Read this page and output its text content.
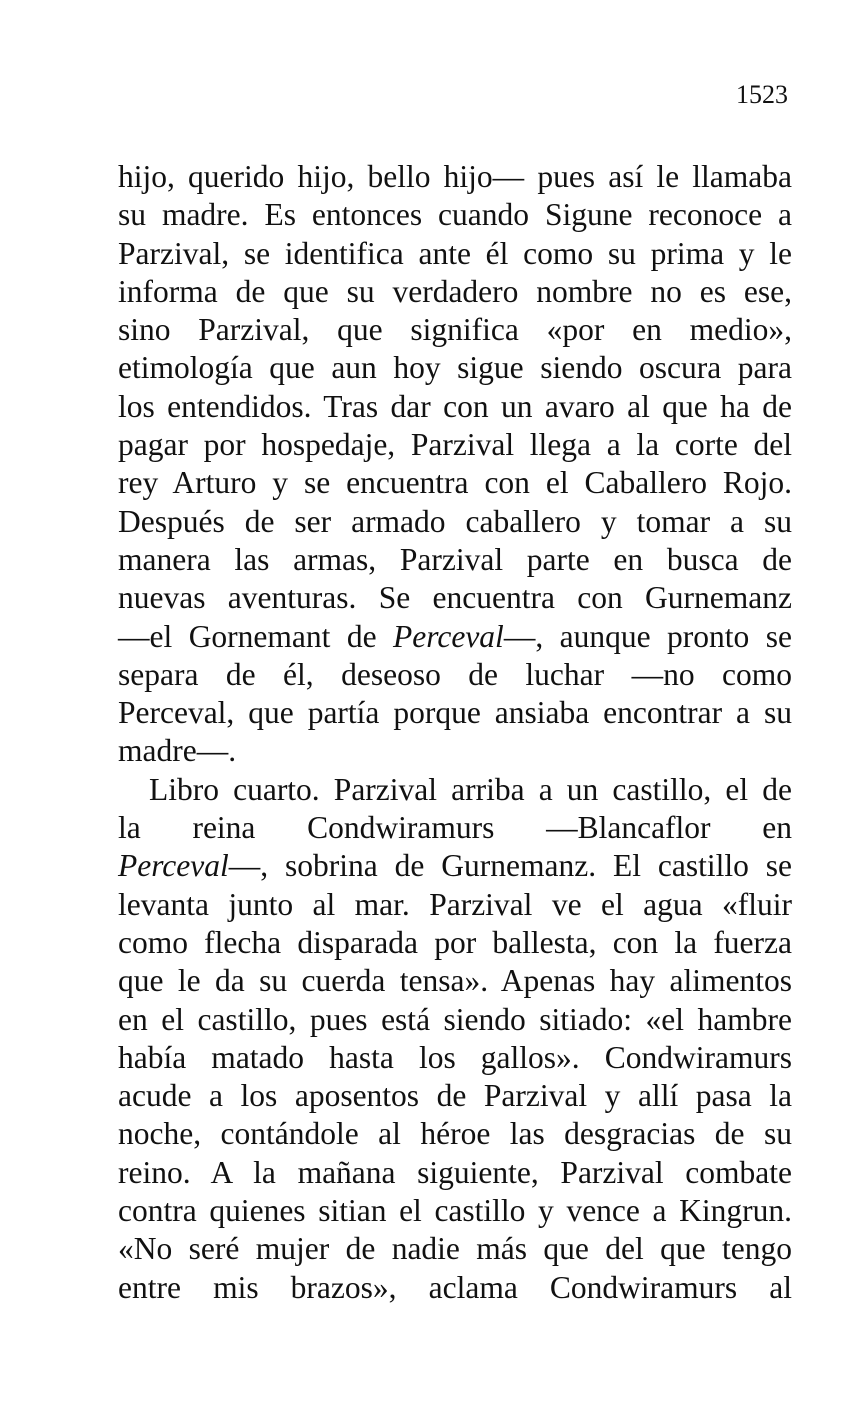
1523
hijo, querido hijo, bello hijo— pues así le llamaba
su madre. Es entonces cuando Sigune reconoce a
Parzival, se identifica ante él como su prima y le
informa de que su verdadero nombre no es ese,
sino Parzival, que significa «por en medio»,
etimología que aun hoy sigue siendo oscura para
los entendidos. Tras dar con un avaro al que ha de
pagar por hospedaje, Parzival llega a la corte del
rey Arturo y se encuentra con el Caballero Rojo.
Después de ser armado caballero y tomar a su
manera las armas, Parzival parte en busca de
nuevas aventuras. Se encuentra con Gurnemanz
—el Gornemant de Perceval—, aunque pronto se
separa de él, deseoso de luchar —no como
Perceval, que partía porque ansiaba encontrar a su
madre—.
Libro cuarto. Parzival arriba a un castillo, el de
la reina Condwiramurs —Blancaflor en
Perceval—, sobrina de Gurnemanz. El castillo se
levanta junto al mar. Parzival ve el agua «fluir
como flecha disparada por ballesta, con la fuerza
que le da su cuerda tensa». Apenas hay alimentos
en el castillo, pues está siendo sitiado: «el hambre
había matado hasta los gallos». Condwiramurs
acude a los aposentos de Parzival y allí pasa la
noche, contándole al héroe las desgracias de su
reino. A la mañana siguiente, Parzival combate
contra quienes sitian el castillo y vence a Kingrun.
«No seré mujer de nadie más que del que tengo
entre mis brazos», aclama Condwiramurs al
